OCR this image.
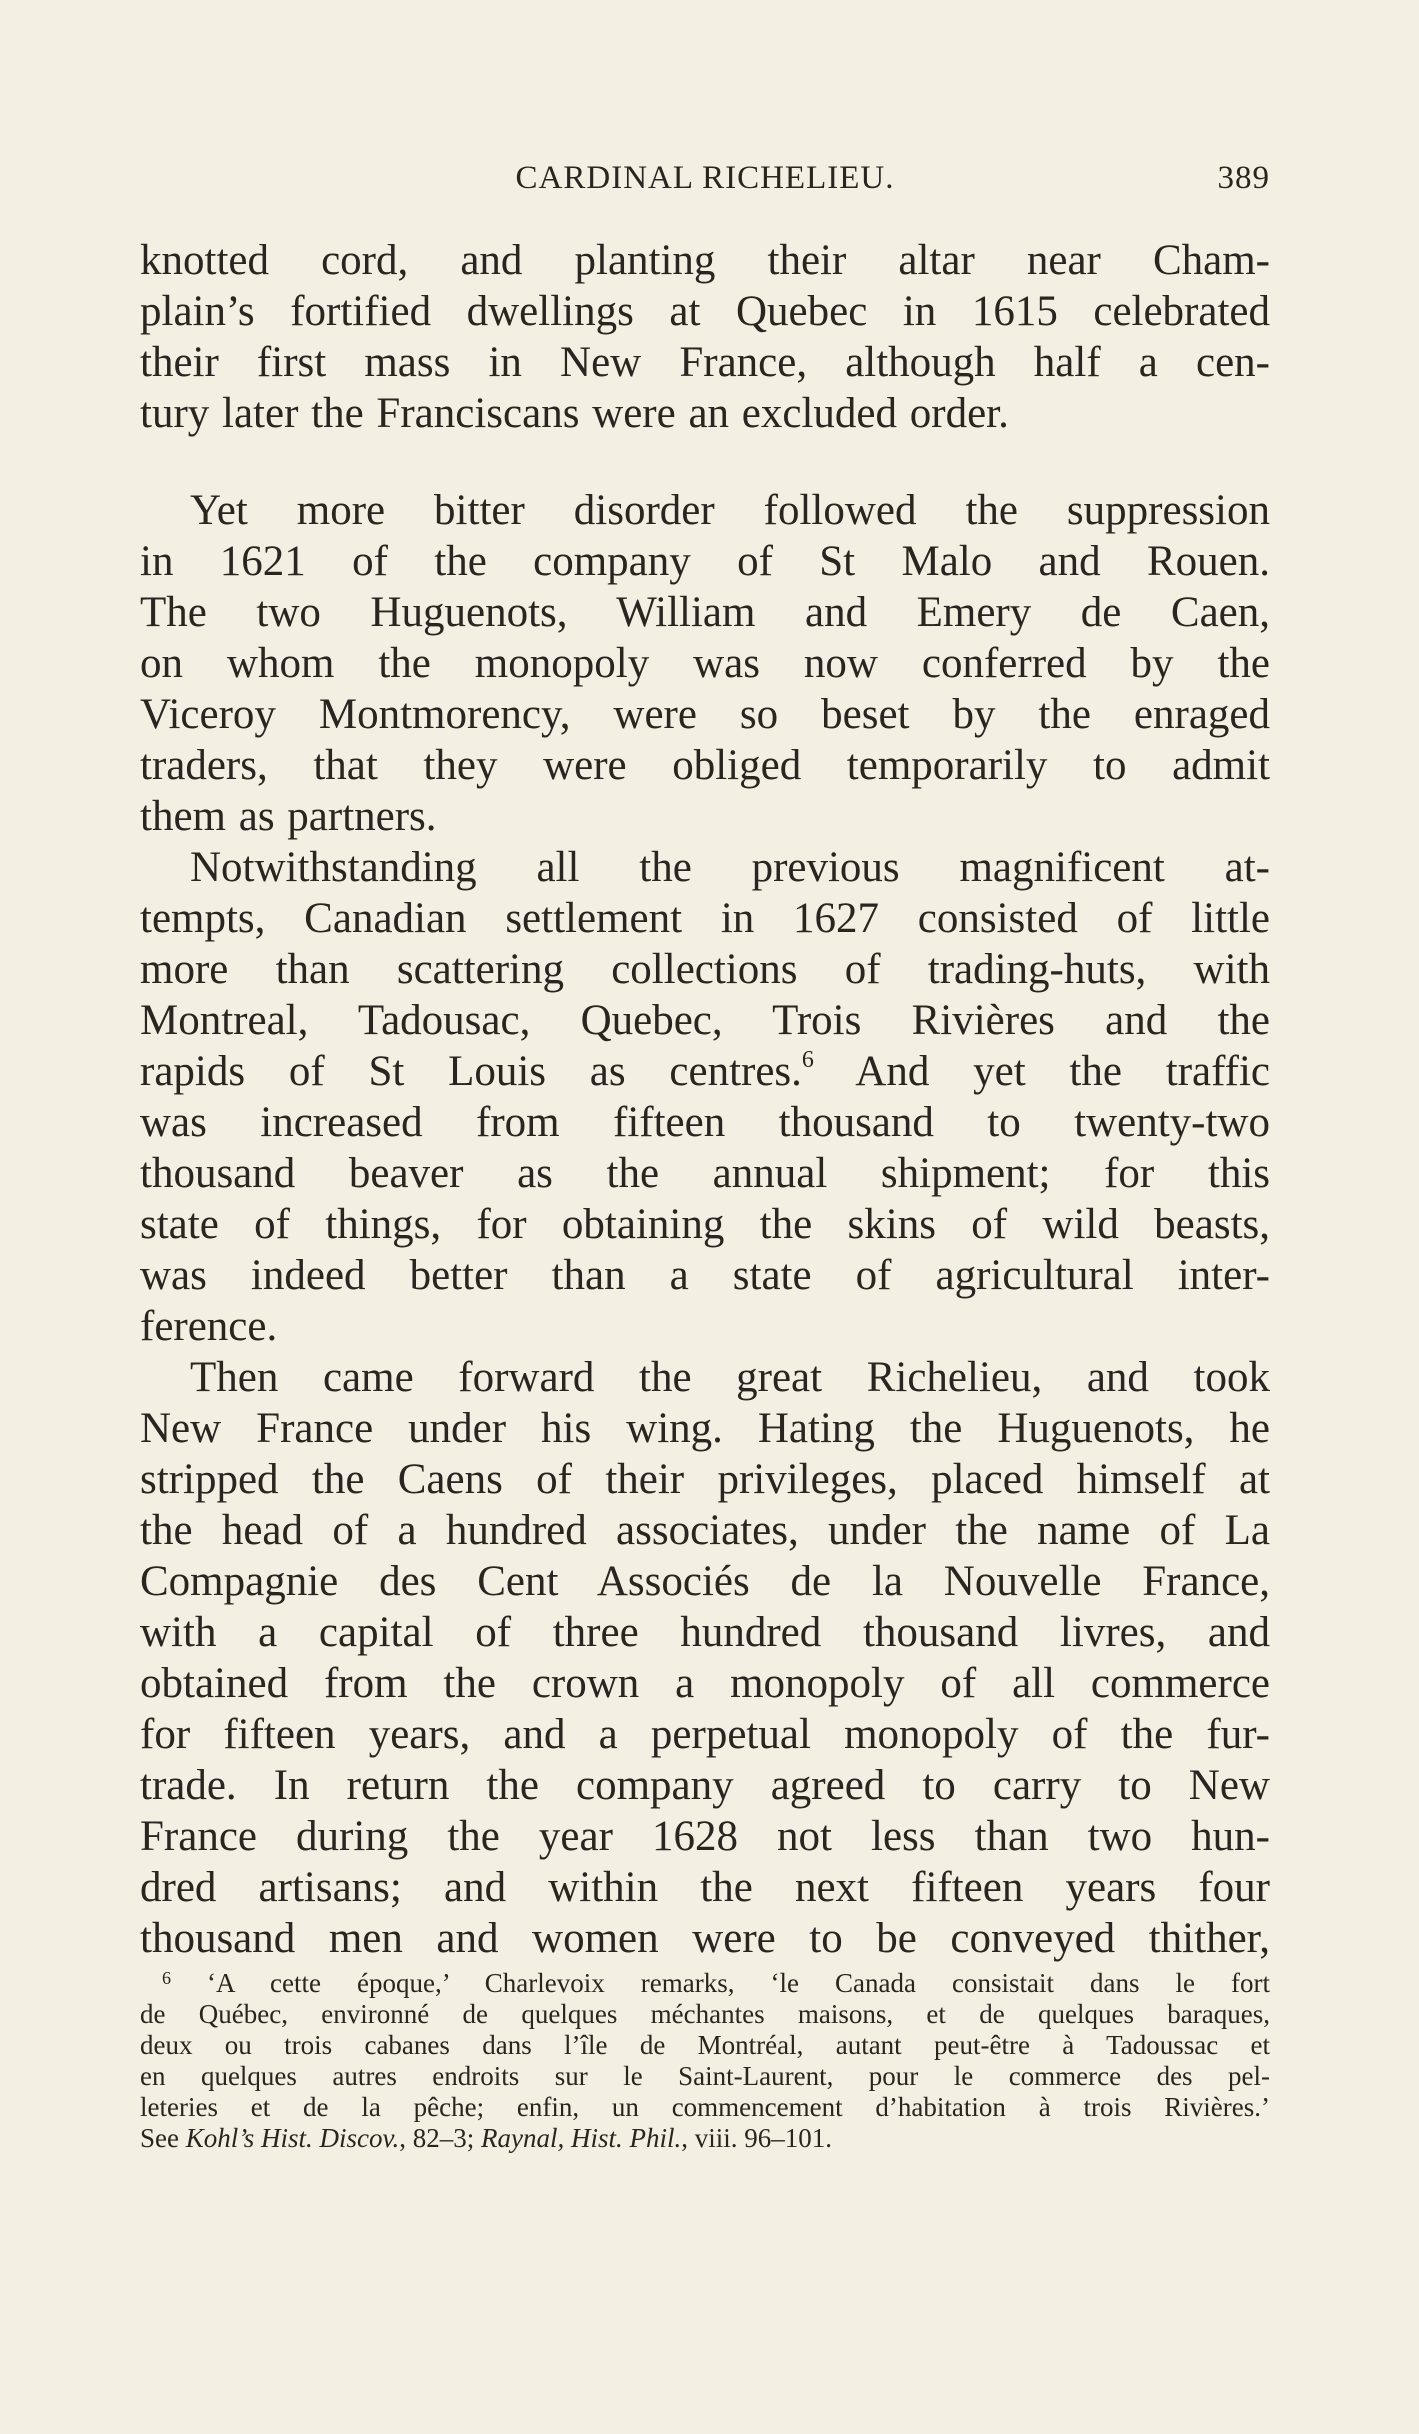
CARDINAL RICHELIEU.	389
knotted cord, and planting their altar near Cham-
plain’s fortified dwellings at Quebec in 1615 celebrated
their first mass in New France, although half a cen-
tury later the Franciscans were an excluded order.
Yet more bitter disorder followed the suppression
in 1621 of the company of St Malo and Rouen.
The two Huguenots, William and Emery de Caen,
on whom the monopoly was now conferred by the
Viceroy Montmorency, were so beset by the enraged
traders, that they were obliged temporarily to admit
them as partners.
Notwithstanding all the previous magnificent at-
tempts, Canadian settlement in 1627 consisted of little
more than scattering collections of trading-huts, with
Montreal, Tadousac, Quebec, Trois Rivières and the
rapids of St Louis as centres.$^6$ And yet the traffic
was increased from fifteen thousand to twenty-two
thousand beaver as the annual shipment; for this
state of things, for obtaining the skins of wild beasts,
was indeed better than a state of agricultural inter-
ference.
Then came forward the great Richelieu, and took
New France under his wing. Hating the Huguenots, he
stripped the Caens of their privileges, placed himself at
the head of a hundred associates, under the name of La
Compagnie des Cent Associés de la Nouvelle France,
with a capital of three hundred thousand livres, and
obtained from the crown a monopoly of all commerce
for fifteen years, and a perpetual monopoly of the fur-
trade. In return the company agreed to carry to New
France during the year 1628 not less than two hun-
dred artisans; and within the next fifteen years four
thousand men and women were to be conveyed thither,
$^6$ ‘A cette époque,’ Charlevoix remarks, ‘le Canada consistait dans le fort
de Québec, environné de quelques méchantes maisons, et de quelques baraques,
deux ou trois cabanes dans l’île de Montréal, autant peut-être à Tadoussac et
en quelques autres endroits sur le Saint-Laurent, pour le commerce des pel-
leteries et de la pêche; enfin, un commencement d’habitation à trois Rivières.’
See Kohl’s Hist. Discov., 82–3; Raynal, Hist. Phil., viii. 96–101.
